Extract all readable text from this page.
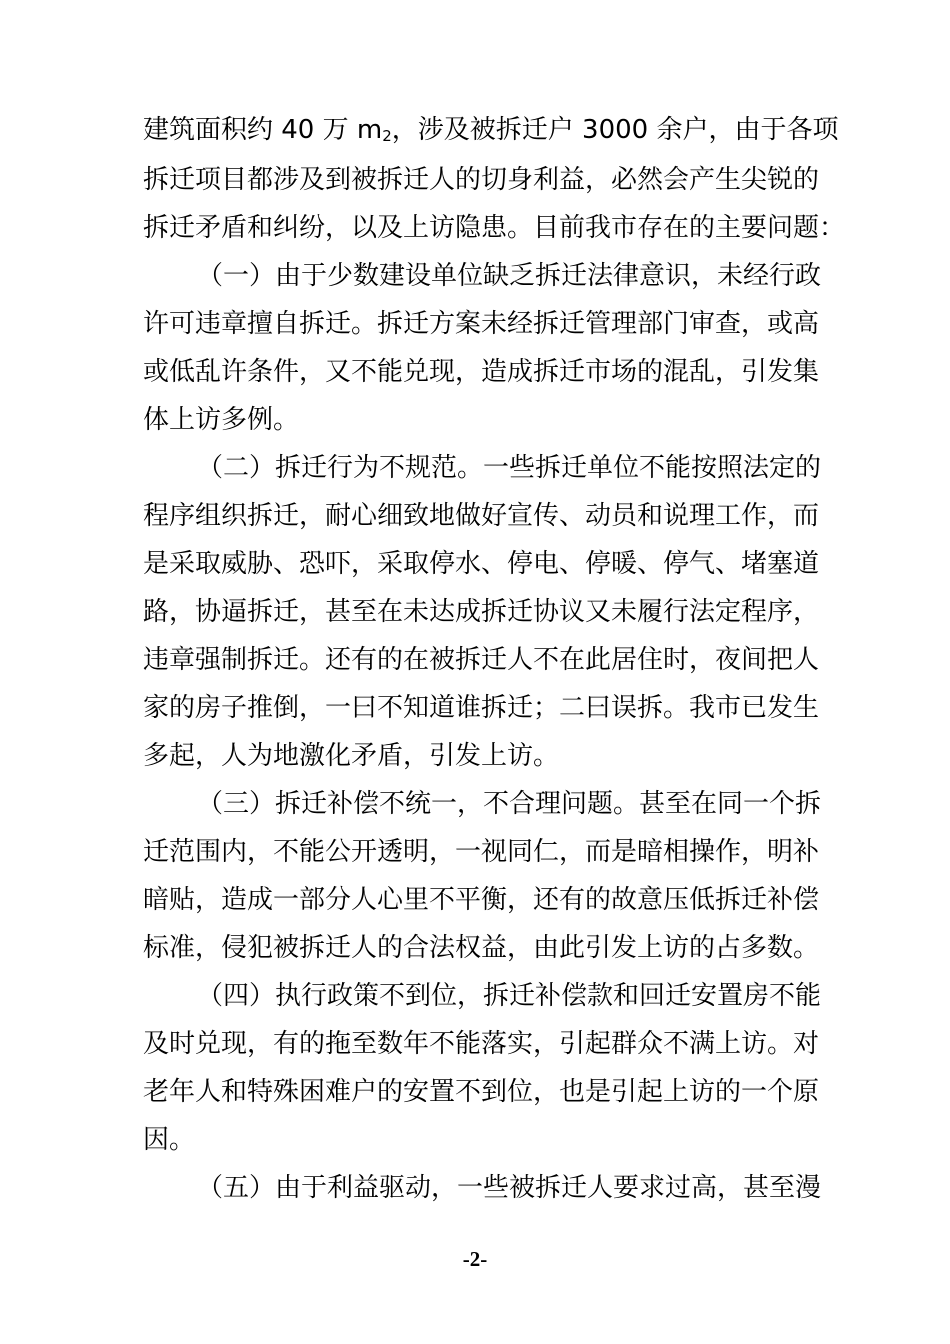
建筑面积约 40 万 $m_2$，涉及被拆迁户 3000 余户，由于各项
拆迁项目都涉及到被拆迁人的切身利益，必然会产生尖锐的
拆迁矛盾和纠纷，以及上访隐患。目前我市存在的主要问题：
（一）由于少数建设单位缺乏拆迁法律意识，未经行政
许可违章擅自拆迁。拆迁方案未经拆迁管理部门审查，或高
或低乱许条件，又不能兑现，造成拆迁市场的混乱，引发集
体上访多例。
（二）拆迁行为不规范。一些拆迁单位不能按照法定的
程序组织拆迁，耐心细致地做好宣传、动员和说理工作，而
是采取威胁、恐吓，采取停水、停电、停暖、停气、堵塞道
路，协逼拆迁，甚至在未达成拆迁协议又未履行法定程序，
违章强制拆迁。还有的在被拆迁人不在此居住时，夜间把人
家的房子推倒，一曰不知道谁拆迁；二曰误拆。我市已发生
多起，人为地激化矛盾，引发上访。
（三）拆迁补偿不统一，不合理问题。甚至在同一个拆
迁范围内，不能公开透明，一视同仁，而是暗相操作，明补
暗贴，造成一部分人心里不平衡，还有的故意压低拆迁补偿
标准，侵犯被拆迁人的合法权益，由此引发上访的占多数。
（四）执行政策不到位，拆迁补偿款和回迁安置房不能
及时兑现，有的拖至数年不能落实，引起群众不满上访。对
老年人和特殊困难户的安置不到位，也是引起上访的一个原
因。
（五）由于利益驱动，一些被拆迁人要求过高，甚至漫
-2-
